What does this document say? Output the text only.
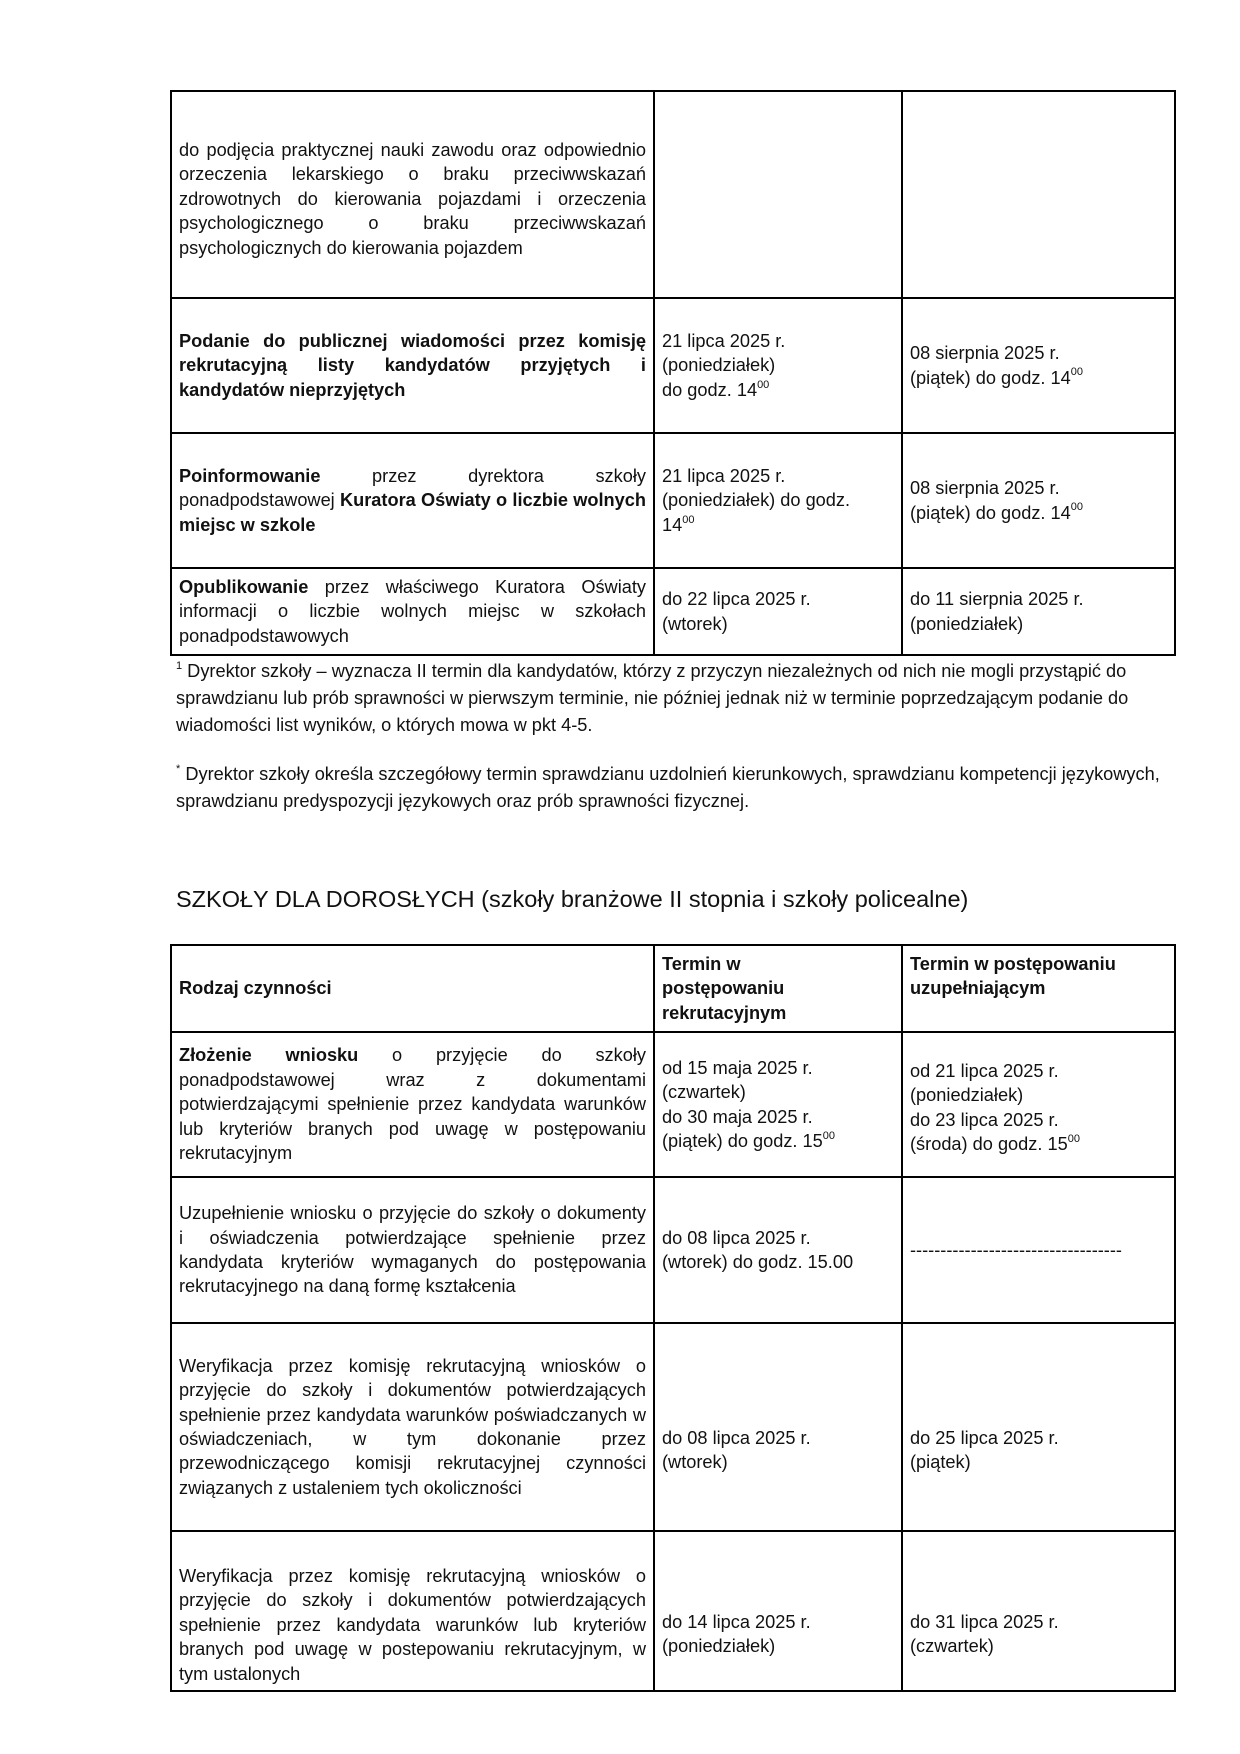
do podjęcia praktycznej nauki zawodu oraz odpowiednio orzeczenia lekarskiego o braku przeciwwskazań zdrowotnych do kierowania pojazdami i orzeczenia psychologicznego o braku przeciwwskazań psychologicznych do kierowania pojazdem		
Podanie do publicznej wiadomości przez komisję rekrutacyjną listy kandydatów przyjętych i kandydatów nieprzyjętych	21 lipca 2025 r.
(poniedziałek)
do godz. $14^{00}$	08 sierpnia 2025 r.
(piątek) do godz. $14^{00}$

Poinformowanie przez dyrektora szkoły ponadpodstawowej Kuratora Oświaty o liczbie wolnych miejsc w szkole	21 lipca 2025 r.
(poniedziałek) do godz.
$14^{00}$	08 sierpnia 2025 r.
(piątek) do godz. $14^{00}$

Opublikowanie przez właściwego Kuratora Oświaty informacji o liczbie wolnych miejsc w szkołach ponadpodstawowych	do 22 lipca 2025 r.
(wtorek)	do 11 sierpnia 2025 r.
(poniedziałek)
$^1$ Dyrektor szkoły – wyznacza II termin dla kandydatów, którzy z przyczyn niezależnych od nich nie mogli przystąpić do sprawdzianu lub prób sprawności w pierwszym terminie, nie później jednak niż w terminie poprzedzającym podanie do wiadomości list wyników, o których mowa w pkt 4-5.
* Dyrektor szkoły określa szczegółowy termin sprawdzianu uzdolnień kierunkowych, sprawdzianu kompetencji językowych, sprawdzianu predyspozycji językowych oraz prób sprawności fizycznej.
SZKOŁY DLA DOROSŁYCH (szkoły branżowe II stopnia i szkoły policealne)
Rodzaj czynności	Termin w postępowaniu rekrutacyjnym	Termin w postępowaniu uzupełniającym
Złożenie wniosku o przyjęcie do szkoły ponadpodstawowej wraz z dokumentami potwierdzającymi spełnienie przez kandydata warunków lub kryteriów branych pod uwagę w postępowaniu rekrutacyjnym	od 15 maja 2025 r.
(czwartek)
do 30 maja 2025 r.
(piątek) do godz. $15^{00}$	od 21 lipca 2025 r.
(poniedziałek)
do 23 lipca 2025 r.
(środa) do godz. $15^{00}$

Uzupełnienie wniosku o przyjęcie do szkoły o dokumenty i oświadczenia potwierdzające spełnienie przez kandydata kryteriów wymaganych do postępowania rekrutacyjnego na daną formę kształcenia	do 08 lipca 2025 r.
(wtorek) do godz. 15.00	-----------------------------------
Weryfikacja przez komisję rekrutacyjną wniosków o przyjęcie do szkoły i dokumentów potwierdzających spełnienie przez kandydata warunków poświadczanych w oświadczeniach, w tym dokonanie przez przewodniczącego komisji rekrutacyjnej czynności związanych z ustaleniem tych okoliczności	do 08 lipca 2025 r.
(wtorek)	do 25 lipca 2025 r.
(piątek)

Weryfikacja przez komisję rekrutacyjną wniosków o przyjęcie do szkoły i dokumentów potwierdzających spełnienie przez kandydata warunków lub kryteriów branych pod uwagę w postepowaniu rekrutacyjnym, w tym ustalonych	do 14 lipca 2025 r.
(poniedziałek)	do 31 lipca 2025 r.
(czwartek)
